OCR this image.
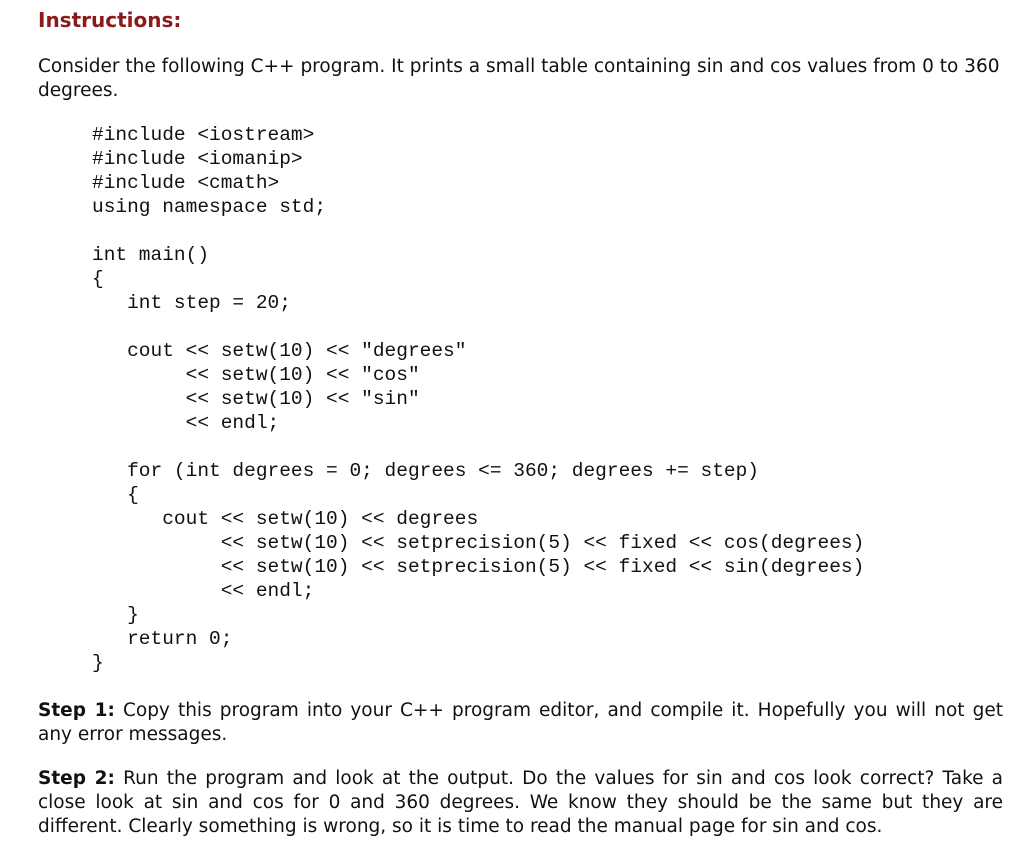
Instructions:

Consider the following C++ program. It prints a small table containing sin and cos values from 0 to 360 degrees.

#include <iostream>
#include <iomanip>
#include <cmath>
using namespace std;
int main()
{
int step = 20;
cout << setw(10) << "degrees"
<< setw(10) << "cos"
<< setw(10) << "sin"
<< endl;
for (int degrees = 0; degrees <= 360; degrees += step)
{
cout << setw(10) << degrees
<< setw(10) << setprecision(5) << fixed << cos(degrees)
<< setw(10) << setprecision(5) << fixed << sin(degrees)
<< endl;
}
return 0;
}

Step 1: Copy this program into your C++ program editor, and compile it. Hopefully you will not get any error messages.

Step 2: Run the program and look at the output. Do the values for sin and cos look correct? Take a close look at sin and cos for 0 and 360 degrees. We know they should be the same but they are different. Clearly something is wrong, so it is time to read the manual page for sin and cos.
